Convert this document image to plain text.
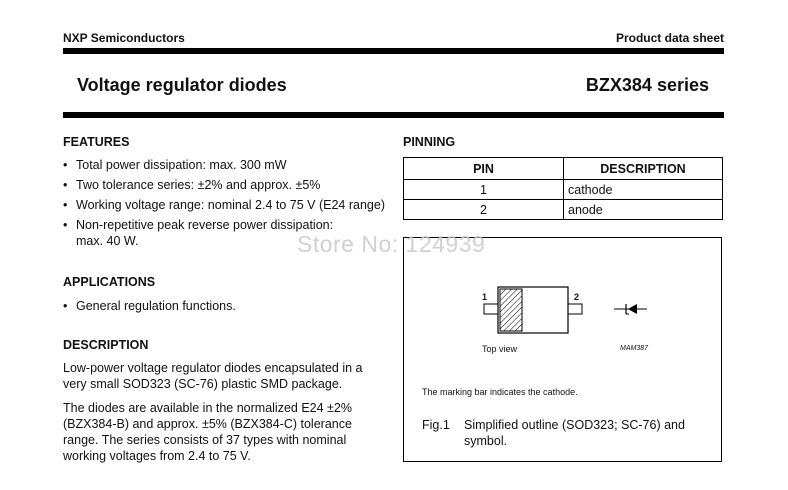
NXP Semiconductors	Product data sheet
Voltage regulator diodes	BZX384 series
FEATURES
• Total power dissipation: max. 300 mW
• Two tolerance series: ±2% and approx. ±5%
• Working voltage range: nominal 2.4 to 75 V (E24 range)
• Non-repetitive peak reverse power dissipation:
max. 40 W.
APPLICATIONS
• General regulation functions.
DESCRIPTION
Low-power voltage regulator diodes encapsulated in a
very small SOD323 (SC-76) plastic SMD package.
The diodes are available in the normalized E24 ±2%
(BZX384-B) and approx. ±5% (BZX384-C) tolerance
range. The series consists of 37 types with nominal
working voltages from 2.4 to 75 V.
PINNING
PIN	DESCRIPTION
1	cathode
2	anode
1	2
Top view	MAM387
The marking bar indicates the cathode.
Fig.1 Simplified outline (SOD323; SC-76) and
symbol.
Store No: 124939
